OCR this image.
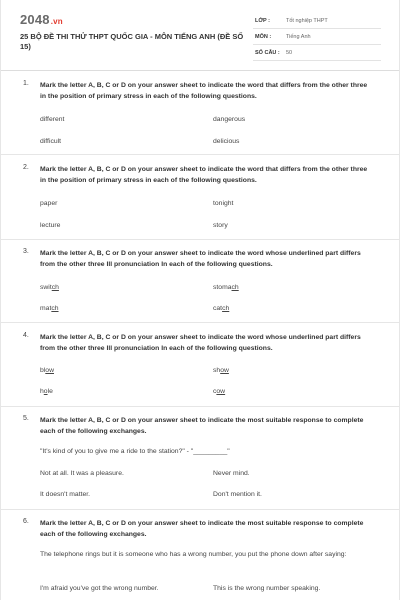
2048.vn
25 BỘ ĐỀ THI THỬ THPT QUỐC GIA - MÔN TIẾNG ANH (ĐỀ SỐ 15)
LỚP :	Tốt nghiệp THPT
MÔN :	Tiếng Anh
SỐ CÂU : 50
1. Mark the letter A, B, C or D on your answer sheet to indicate the word that differs from the other three in the position of primary stress in each of the following questions.
different	dangerous
difficult	delicious
2. Mark the letter A, B, C or D on your answer sheet to indicate the word that differs from the other three in the position of primary stress in each of the following questions.
paper	tonight
lecture	story
3. Mark the letter A, B, C or D on your answer sheet to indicate the word whose underlined part differs from the other three Ill pronunciation In each of the following questions.
switch	stomach
match	catch
4. Mark the letter A, B, C or D on your answer sheet to indicate the word whose underlined part differs from the other three Ill pronunciation In each of the following questions.
blow	show
hole	cow
5. Mark the letter A, B, C or D on your answer sheet to indicate the most suitable response to complete each of the following exchanges.
"It's kind of you to give me a ride to the station?" - "_________"
Not at all. It was a pleasure.	Never mind.
It doesn't matter.	Don't mention it.
6. Mark the letter A, B, C or D on your answer sheet to indicate the most suitable response to complete each of the following exchanges.
The telephone rings but it is someone who has a wrong number, you put the phone down after saying:
I'm afraid you've got the wrong number.	This is the wrong number speaking.
